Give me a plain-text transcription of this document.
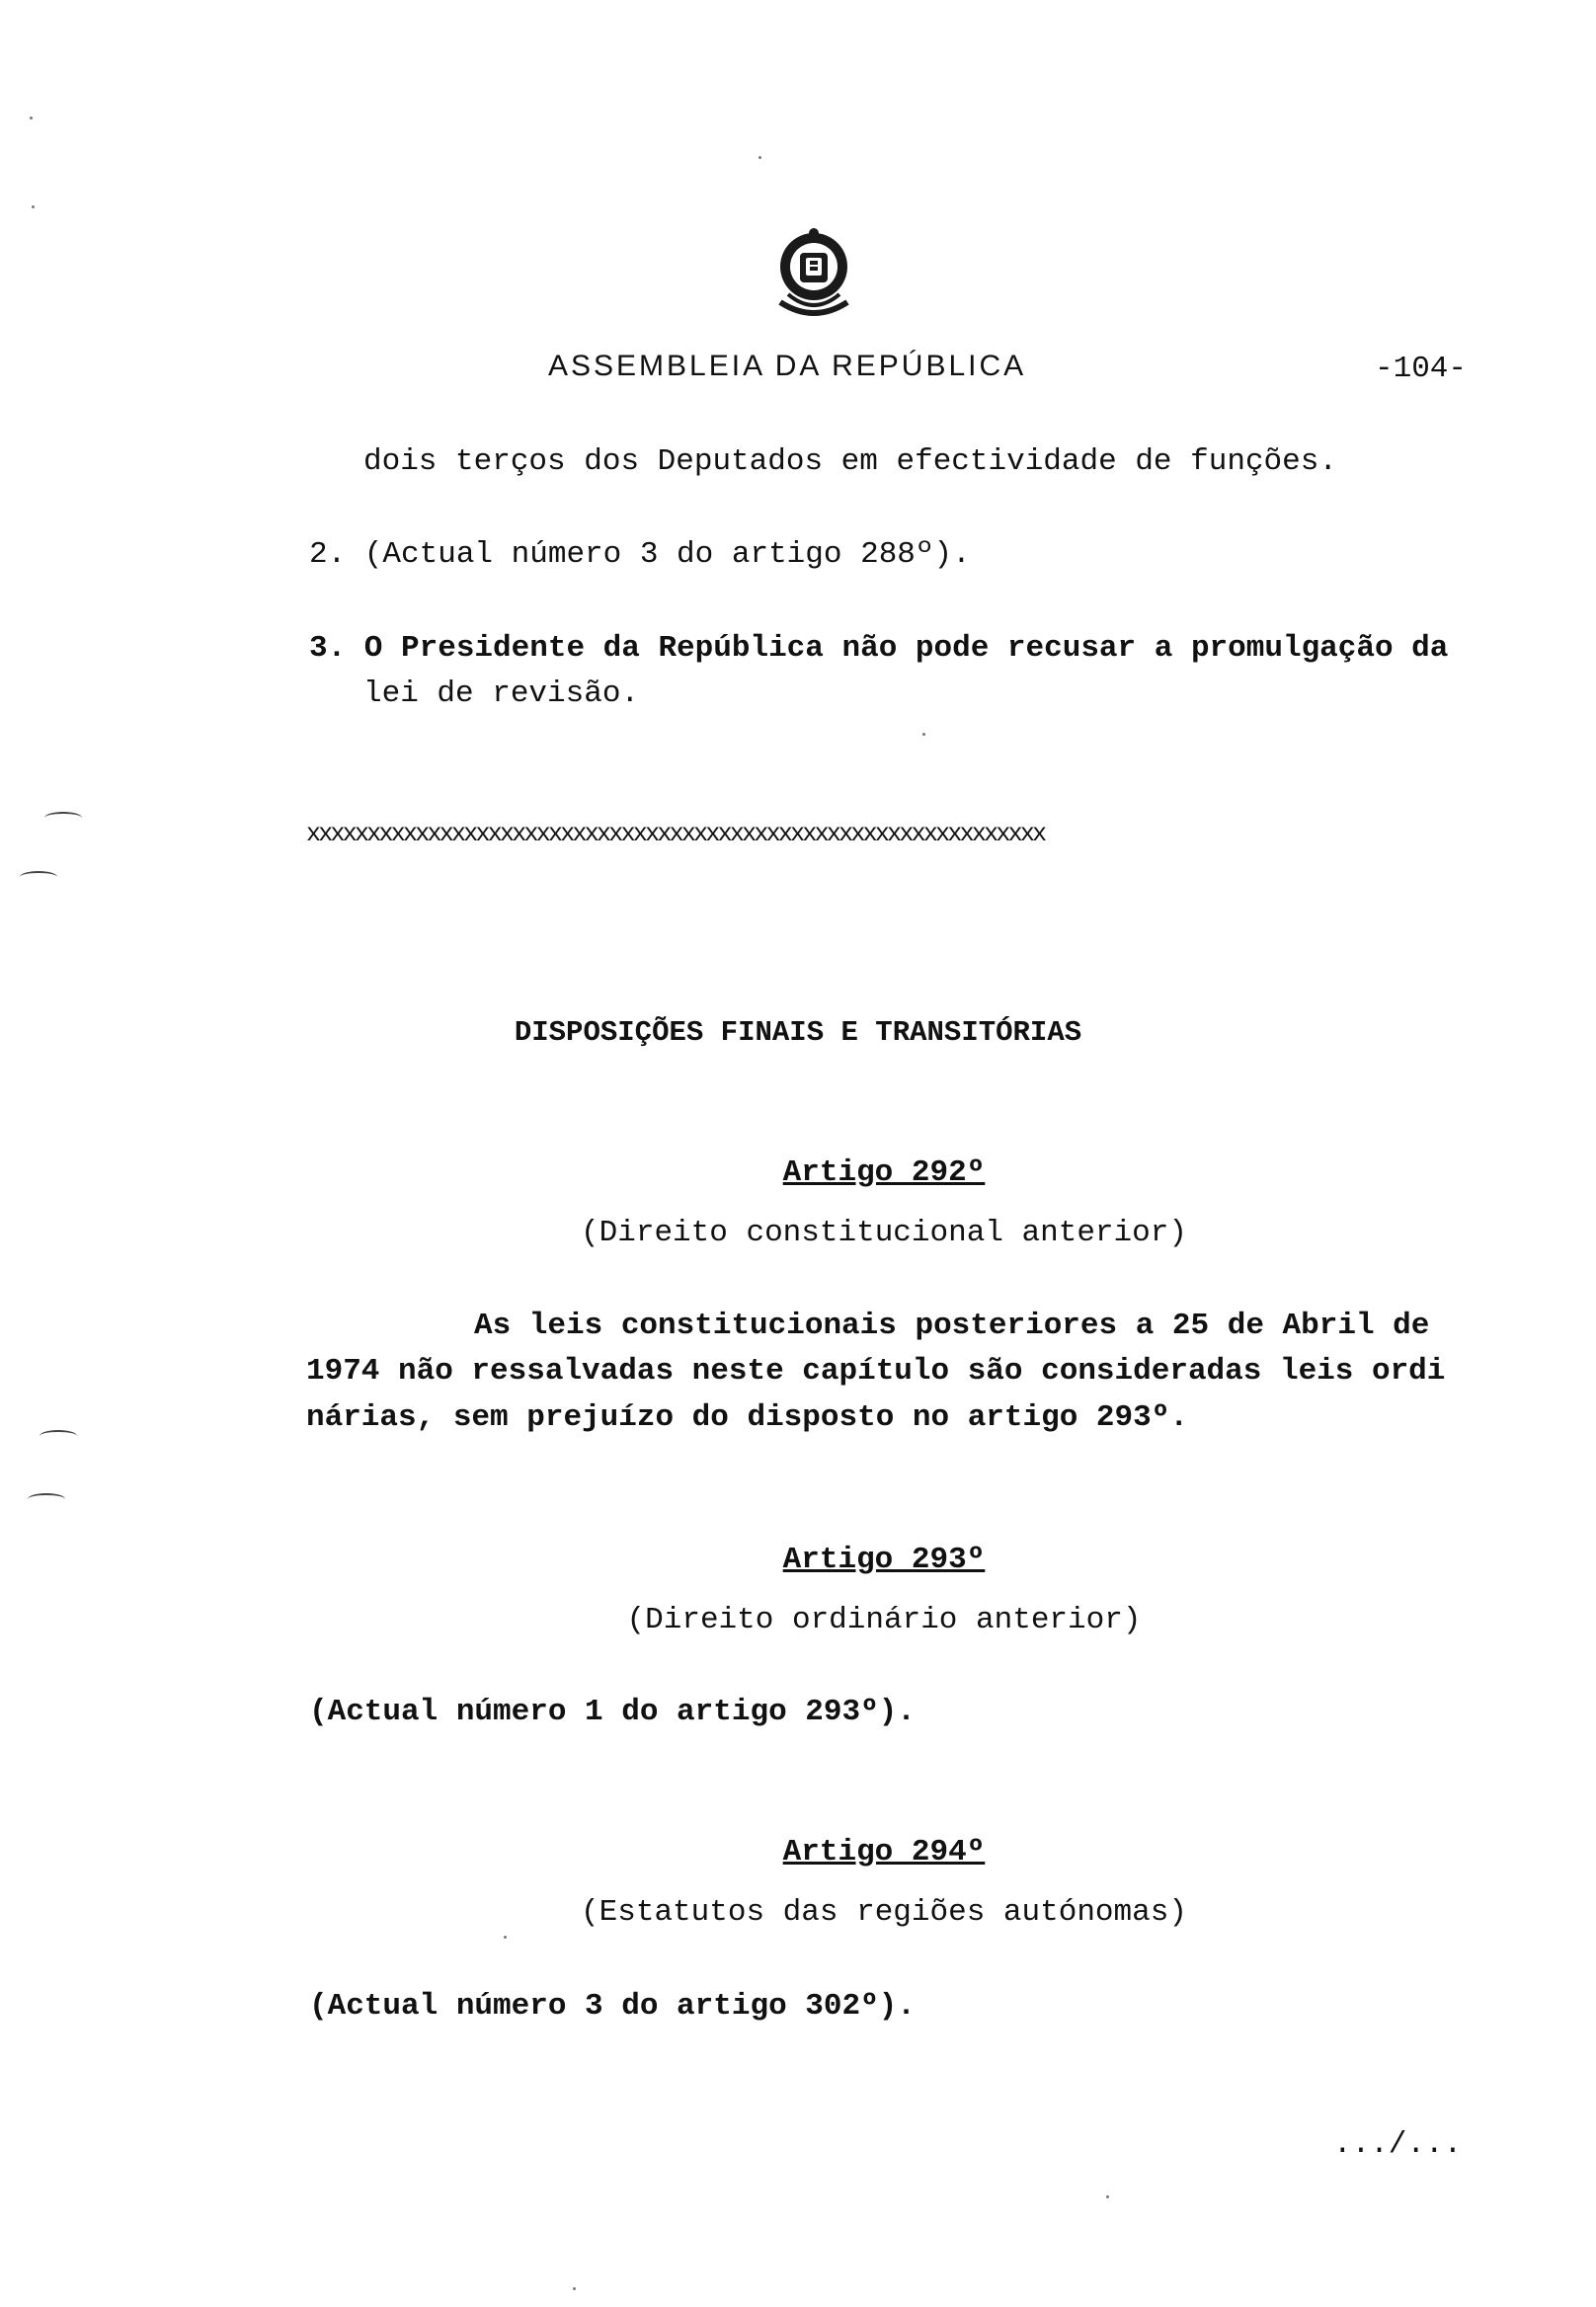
ASSEMBLEIA DA REPÚBLICA	-104-
dois terços dos Deputados em efectividade de funções.
2. (Actual número 3 do artigo 288º).
3. O Presidente da República não pode recusar a promulgação da
lei de revisão.
xxxxxxxxxxxxxxxxxxxxxxxxxxxxxxxxxxxxxxxxxxxxxxxxxxxxxxxxxxxxx
DISPOSIÇÕES FINAIS E TRANSITÓRIAS
Artigo 292º
(Direito constitucional anterior)
As leis constitucionais posteriores a 25 de Abril de
1974 não ressalvadas neste capítulo são consideradas leis ordi
nárias, sem prejuízo do disposto no artigo 293º.
Artigo 293º
(Direito ordinário anterior)
(Actual número 1 do artigo 293º).
Artigo 294º
(Estatutos das regiões autónomas)
(Actual número 3 do artigo 302º).
.../...
